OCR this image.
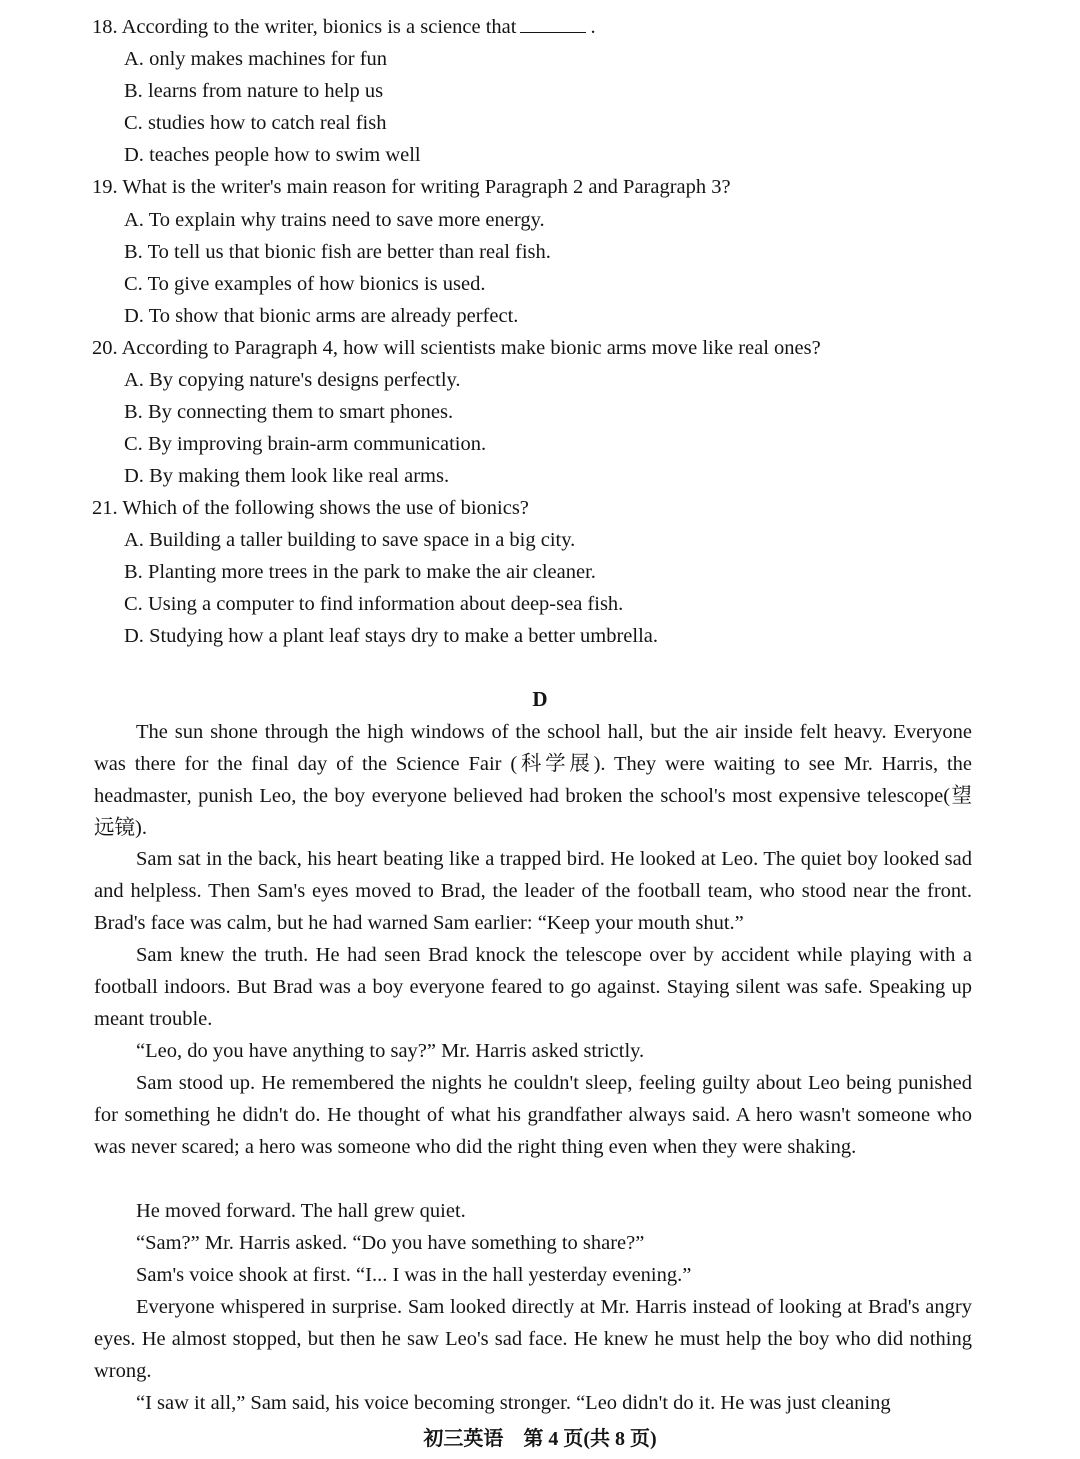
18. According to the writer, bionics is a science that	.
A. only makes machines for fun
B. learns from nature to help us
C. studies how to catch real fish
D. teaches people how to swim well
19. What is the writer's main reason for writing Paragraph 2 and Paragraph 3?
A. To explain why trains need to save more energy.
B. To tell us that bionic fish are better than real fish.
C. To give examples of how bionics is used.
D. To show that bionic arms are already perfect.
20. According to Paragraph 4, how will scientists make bionic arms move like real ones?
A. By copying nature's designs perfectly.
B. By connecting them to smart phones.
C. By improving brain-arm communication.
D. By making them look like real arms.
21. Which of the following shows the use of bionics?
A. Building a taller building to save space in a big city.
B. Planting more trees in the park to make the air cleaner.
C. Using a computer to find information about deep-sea fish.
D. Studying how a plant leaf stays dry to make a better umbrella.
D
The sun shone through the high windows of the school hall, but the air inside felt heavy. Everyone was there for the final day of the Science Fair (科学展). They were waiting to see Mr. Harris, the headmaster, punish Leo, the boy everyone believed had broken the school's most expensive telescope(望远镜).
Sam sat in the back, his heart beating like a trapped bird. He looked at Leo. The quiet boy looked sad and helpless. Then Sam's eyes moved to Brad, the leader of the football team, who stood near the front. Brad's face was calm, but he had warned Sam earlier: “Keep your mouth shut.”
Sam knew the truth. He had seen Brad knock the telescope over by accident while playing with a football indoors. But Brad was a boy everyone feared to go against. Staying silent was safe. Speaking up meant trouble.
“Leo, do you have anything to say?” Mr. Harris asked strictly.
Sam stood up. He remembered the nights he couldn't sleep, feeling guilty about Leo being punished for something he didn't do. He thought of what his grandfather always said. A hero wasn't someone who was never scared; a hero was someone who did the right thing even when they were shaking.
He moved forward. The hall grew quiet.
“Sam?” Mr. Harris asked. “Do you have something to share?”
Sam's voice shook at first. “I... I was in the hall yesterday evening.”
Everyone whispered in surprise. Sam looked directly at Mr. Harris instead of looking at Brad's angry eyes. He almost stopped, but then he saw Leo's sad face. He knew he must help the boy who did nothing wrong.
“I saw it all,” Sam said, his voice becoming stronger. “Leo didn't do it. He was just cleaning
初三英语　第 4 页(共 8 页)
